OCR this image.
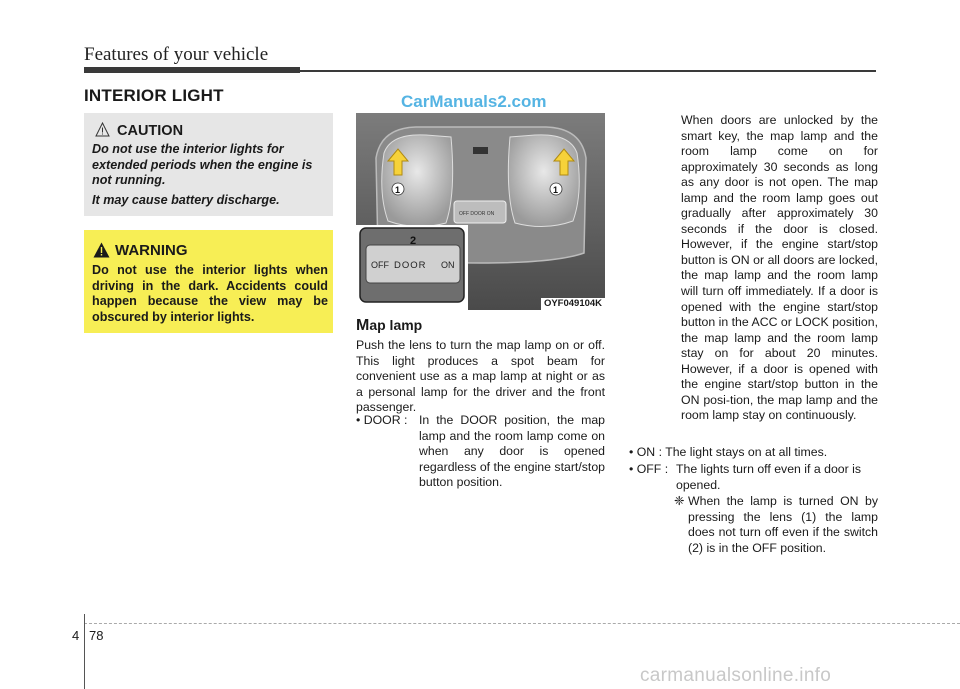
Features of your vehicle
INTERIOR LIGHT	CarManuals2.com
CAUTION

Do not use the interior lights for extended periods when the engine is not running.

It may cause battery discharge.

WARNING
Do not use the interior lights when driving in the dark. Accidents could happen because the view may be obscured by interior lights.
OFF DOOR ON
1	1
OFF DOOR ON
2
OYF049104K
Map lamp

Push the lens to turn the map lamp on or off. This light produces a spot beam for convenient use as a map lamp at night or as a personal lamp for the driver and the front passenger.

• DOOR : In the DOOR position, the map lamp and the room lamp come on when any door is opened regardless of the engine start/stop button position.
When doors are unlocked by the smart key, the map lamp and the room lamp come on for approximately 30 seconds as long as any door is not open. The map lamp and the room lamp goes out gradually after approximately 30 seconds if the door is closed. However, if the engine start/stop button is ON or all doors are locked, the map lamp and the room lamp will turn off immediately. If a door is opened with the engine start/stop button in the ACC or LOCK position, the map lamp and the room lamp stay on for about 20 minutes. However, if a door is opened with the engine start/stop button in the ON posi-tion, the map lamp and the room lamp stay on continuously.
• ON : The light stays on at all times.
• OFF : The lights turn off even if a door is opened.
❈ When the lamp is turned ON by pressing the lens (1) the lamp does not turn off even if the switch (2) is in the OFF position.
4 78
carmanualsonline.info
